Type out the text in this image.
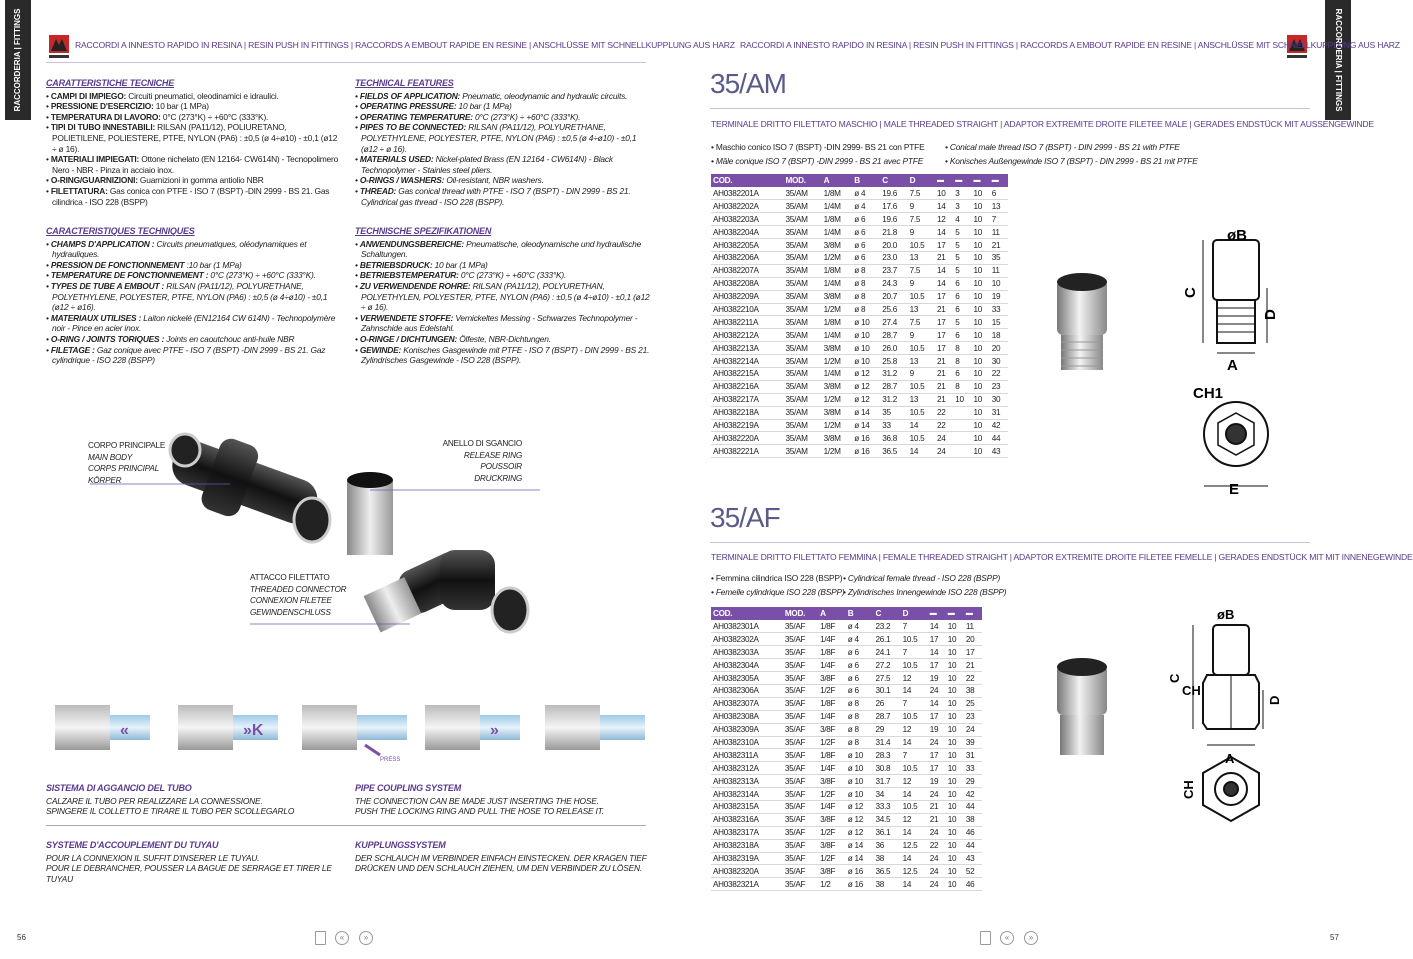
RACCORDERIA | FITTINGS	RACCORDERIA | FITTINGS
RACCORDI A INNESTO RAPIDO IN RESINA | RESIN PUSH IN FITTINGS | RACCORDS A EMBOUT RAPIDE EN RESINE | ANSCHLÜSSE MIT SCHNELLKUPPLUNG AUS HARZ RACCORDI A INNESTO RAPIDO IN RESINA | RESIN PUSH IN FITTINGS | RACCORDS A EMBOUT RAPIDE EN RESINE | ANSCHLÜSSE MIT SCHNELLKUPPLUNG AUS HARZ
CARATTERISTICHE TECNICHE
• CAMPI DI IMPIEGO: Circuiti pneumatici, oleodinamici e idraulici.
• PRESSIONE D'ESERCIZIO: 10 bar (1 MPa)
• TEMPERATURA DI LAVORO: 0°C (273°K) ÷ +60°C (333°K).
• TIPI DI TUBO INNESTABILI: RILSAN (PA11/12), POLIURETANO, POLIETILENE, POLIESTERE, PTFE, NYLON (PA6) : ±0,5 (ø 4÷ø10) - ±0,1 (ø12 ÷ ø 16).
• MATERIALI IMPIEGATI: Ottone nichelato (EN 12164- CW614N) - Tecnopolimero Nero - NBR - Pinza in acciaio inox.
• O-RING/GUARNIZIONI: Guarnizioni in gomma antiolio NBR
• FILETTATURA: Gas conica con PTFE - ISO 7 (BSPT) -DIN 2999 - BS 21. Gas cilindrica - ISO 228 (BSPP)
TECHNICAL FEATURES
• FIELDS OF APPLICATION: Pneumatic, oleodynamic and hydraulic circuits.
• OPERATING PRESSURE: 10 bar (1 MPa)
• OPERATING TEMPERATURE: 0°C (273°K) ÷ +60°C (333°K).
• PIPES TO BE CONNECTED: RILSAN (PA11/12), POLYURETHANE, POLYETHYLENE, POLYESTER, PTFE, NYLON (PA6) : ±0,5 (ø 4÷ø10) - ±0,1 (ø12 ÷ ø 16).
• MATERIALS USED: Nickel-plated Brass (EN 12164 - CW614N) - Black Technopolymer - Stainles steel pliers.
• O-RINGS / WASHERS: Oil-resistant, NBR washers.
• THREAD: Gas conical thread with PTFE - ISO 7 (BSPT) - DIN 2999 - BS 21. Cylindrical gas thread - ISO 228 (BSPP).
CARACTERISTIQUES TECHNIQUES
• CHAMPS D'APPLICATION : Circuits pneumatiques, oléodynamiques et hydrauliques.
• PRESSION DE FONCTIONNEMENT :10 bar (1 MPa)
• TEMPERATURE DE FONCTIONNEMENT : 0°C (273°K) ÷ +60°C (333°K).
• TYPES DE TUBE A EMBOUT : RILSAN (PA11/12), POLYURETHANE, POLYETHYLENE, POLYESTER, PTFE, NYLON (PA6) : ±0,5 (ø 4÷ø10) - ±0,1 (ø12 ÷ ø16).
• MATERIAUX UTILISES : Laiton nickelé (EN12164 CW 614N) - Technopolymère noir - Pince en acier inox.
• O-RING / JOINTS TORIQUES : Joints en caoutchouc anti-huile NBR
• FILETAGE : Gaz conique avec PTFE - ISO 7 (BSPT) -DIN 2999 - BS 21. Gaz cylindrique - ISO 228 (BSPP)
TECHNISCHE SPEZIFIKATIONEN
• ANWENDUNGSBEREICHE: Pneumatische, oleodynamische und hydraulische Schaltungen.
• BETRIEBSDRUCK: 10 bar (1 MPa)
• BETRIEBSTEMPERATUR: 0°C (273°K) ÷ +60°C (333°K).
• ZU VERWENDENDE ROHRE: RILSAN (PA11/12), POLYURETHAN, POLYETHYLEN, POLYESTER, PTFE, NYLON (PA6) : ±0,5 (ø 4÷ø10) - ±0,1 (ø12 ÷ ø 16).
• VERWENDETE STOFFE: Vernickeltes Messing - Schwarzes Technopolymer - Zahnschide aus Edelstahl.
• O-RINGE / DICHTUNGEN: Ölfeste, NBR-Dichtungen.
• GEWINDE: Konisches Gasgewinde mit PTFE - ISO 7 (BSPT) - DIN 2999 - BS 21. Zylindrisches Gasgewinde - ISO 228 (BSPP).
CORPO PRINCIPALE
MAIN BODY
CORPS PRINCIPAL
KÖRPER
ANELLO DI SGANCIO
RELEASE RING
POUSSOIR
DRUCKRING
ATTACCO FILETTATO
THREADED CONNECTOR
CONNEXION FILETEE
GEWINDENSCHLUSS
«	»K
PRESS
»
SISTEMA DI AGGANCIO DEL TUBO
CALZARE IL TUBO PER REALIZZARE LA CONNESSIONE.
SPINGERE IL COLLETTO E TIRARE IL TUBO PER SCOLLEGARLO
PIPE COUPLING SYSTEM
THE CONNECTION CAN BE MADE JUST INSERTING THE HOSE.
PUSH THE LOCKING RING AND PULL THE HOSE TO RELEASE IT.
SYSTEME D'ACCOUPLEMENT DU TUYAU
POUR LA CONNEXION IL SUFFIT D'INSERER LE TUYAU.
POUR LE DEBRANCHER, POUSSER LA BAGUE DE SERRAGE ET TIRER LE TUYAU
KUPPLUNGSSYSTEM
DER SCHLAUCH IM VERBINDER EINFACH EINSTECKEN. DER KRAGEN TIEF
DRÜCKEN UND DEN SCHLAUCH ZIEHEN, UM DEN VERBINDER ZU LÖSEN.
35/AM
TERMINALE DRITTO FILETTATO MASCHIO | MALE THREADED STRAIGHT | ADAPTOR EXTREMITE DROITE FILETEE MALE | GERADES ENDSTÜCK MIT AUSSENGEWINDE
• Maschio conico ISO 7 (BSPT) -DIN 2999- BS 21 con PTFE
• Mâle conique ISO 7 (BSPT) -DIN 2999 - BS 21 avec PTFE
• Conical male thread ISO 7 (BSPT) - DIN 2999 - BS 21 with PTFE
• Konisches Außengewinde ISO 7 (BSPT) - DIN 2999 - BS 21 mit PTFE
COD.	MOD.	A	B	C	D	▬	▬	▬	▬
AH0382201A	35/AM	1/8M	ø 4	19.6	7.5	10	3	10	6
AH0382202A	35/AM	1/4M	ø 4	17.6	9	14	3	10	13
AH0382203A	35/AM	1/8M	ø 6	19.6	7.5	12	4	10	7
AH0382204A	35/AM	1/4M	ø 6	21.8	9	14	5	10	11
AH0382205A	35/AM	3/8M	ø 6	20.0	10.5	17	5	10	21
AH0382206A	35/AM	1/2M	ø 6	23.0	13	21	5	10	35
AH0382207A	35/AM	1/8M	ø 8	23.7	7.5	14	5	10	11
AH0382208A	35/AM	1/4M	ø 8	24.3	9	14	6	10	10
AH0382209A	35/AM	3/8M	ø 8	20.7	10.5	17	6	10	19
AH0382210A	35/AM	1/2M	ø 8	25.6	13	21	6	10	33
AH0382211A	35/AM	1/8M	ø 10	27.4	7.5	17	5	10	15
AH0382212A	35/AM	1/4M	ø 10	28.7	9	17	6	10	18
AH0382213A	35/AM	3/8M	ø 10	26.0	10.5	17	8	10	20
AH0382214A	35/AM	1/2M	ø 10	25.8	13	21	8	10	30
AH0382215A	35/AM	1/4M	ø 12	31.2	9	21	6	10	22
AH0382216A	35/AM	3/8M	ø 12	28.7	10.5	21	8	10	23
AH0382217A	35/AM	1/2M	ø 12	31.2	13	21	10	10	30
AH0382218A	35/AM	3/8M	ø 14	35	10.5	22		10	31
AH0382219A	35/AM	1/2M	ø 14	33	14	22		10	42
AH0382220A	35/AM	3/8M	ø 16	36.8	10.5	24		10	44
AH0382221A	35/AM	1/2M	ø 16	36.5	14	24		10	43
øB
C
D
A
CH1
E
35/AF
TERMINALE DRITTO FILETTATO FEMMINA | FEMALE THREADED STRAIGHT | ADAPTOR EXTREMITE DROITE FILETEE FEMELLE | GERADES ENDSTÜCK MIT MIT INNENEGEWINDE
• Femmina cilindrica ISO 228 (BSPP)
• Femelle cylindrique ISO 228 (BSPP)
• Cylindrical female thread - ISO 228 (BSPP)
• Zylindrisches Innengewinde ISO 228 (BSPP)
COD.	MOD.	A	B	C	D	▬	▬	▬
AH0382301A	35/AF	1/8F	ø 4	23.2	7	14	10	11
AH0382302A	35/AF	1/4F	ø 4	26.1	10.5	17	10	20
AH0382303A	35/AF	1/8F	ø 6	24.1	7	14	10	17
AH0382304A	35/AF	1/4F	ø 6	27.2	10.5	17	10	21
AH0382305A	35/AF	3/8F	ø 6	27.5	12	19	10	22
AH0382306A	35/AF	1/2F	ø 6	30.1	14	24	10	38
AH0382307A	35/AF	1/8F	ø 8	26	7	14	10	25
AH0382308A	35/AF	1/4F	ø 8	28.7	10.5	17	10	23
AH0382309A	35/AF	3/8F	ø 8	29	12	19	10	24
AH0382310A	35/AF	1/2F	ø 8	31.4	14	24	10	39
AH0382311A	35/AF	1/8F	ø 10	28.3	7	17	10	31
AH0382312A	35/AF	1/4F	ø 10	30.8	10.5	17	10	33
AH0382313A	35/AF	3/8F	ø 10	31.7	12	19	10	29
AH0382314A	35/AF	1/2F	ø 10	34	14	24	10	42
AH0382315A	35/AF	1/4F	ø 12	33.3	10.5	21	10	44
AH0382316A	35/AF	3/8F	ø 12	34.5	12	21	10	38
AH0382317A	35/AF	1/2F	ø 12	36.1	14	24	10	46
AH0382318A	35/AF	3/8F	ø 14	36	12.5	22	10	44
AH0382319A	35/AF	1/2F	ø 14	38	14	24	10	43
AH0382320A	35/AF	3/8F	ø 16	36.5	12.5	24	10	52
AH0382321A	35/AF	1/2	ø 16	38	14	24	10	46
øB
C
CH
D
A
CH
56	57
«	»	«	»
